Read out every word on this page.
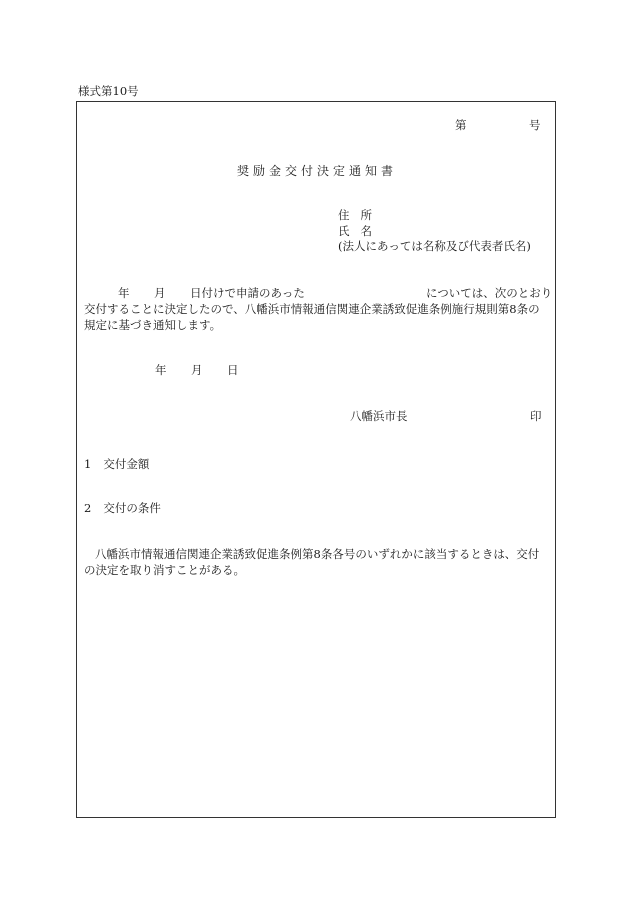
様式第10号
第	号
奨励金交付決定通知書
住所
氏名
(法人にあっては名称及び代表者氏名)
年 月 日付けで申請のあった	については、次のとおり
交付することに決定したので、八幡浜市情報通信関連企業誘致促進条例施行規則第8条の
規定に基づき通知します。
年 月 日
八幡浜市長	印
1 交付金額
2 交付の条件
八幡浜市情報通信関連企業誘致促進条例第8条各号のいずれかに該当するときは、交付
の決定を取り消すことがある。
